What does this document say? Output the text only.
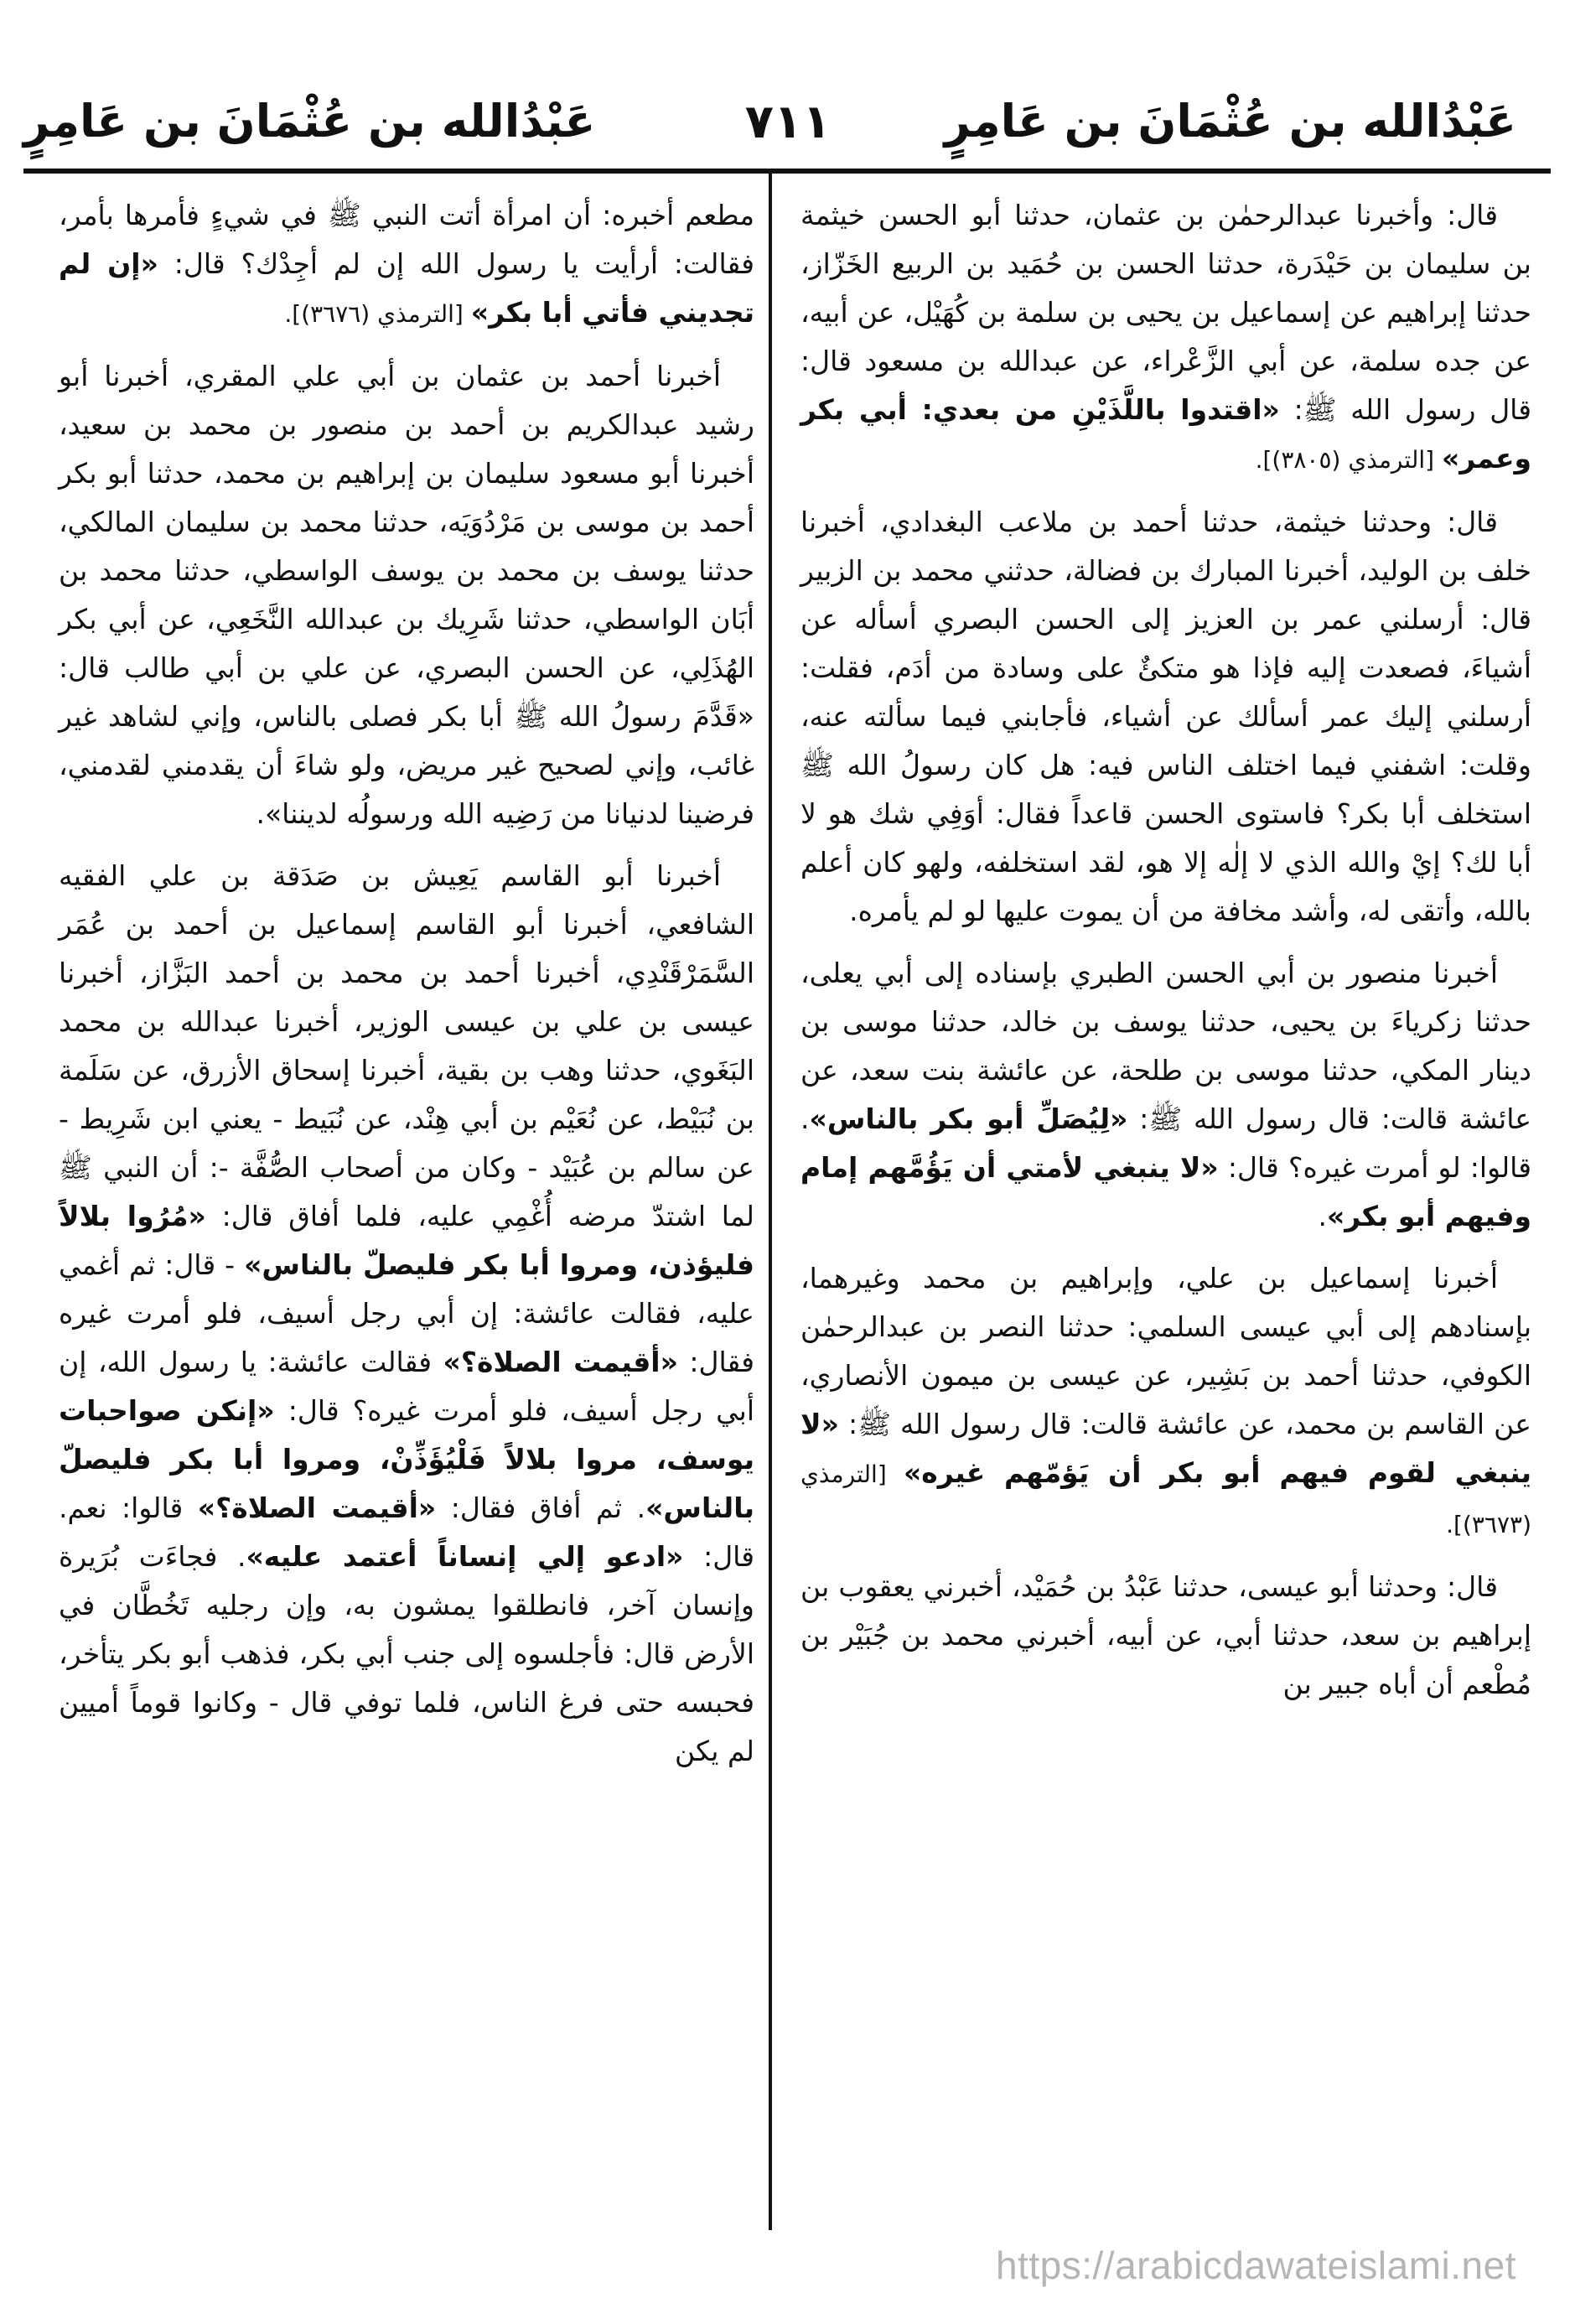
عَبْدُالله بن عُثْمَانَ بن عَامِرٍ
٧١١
عَبْدُالله بن عُثْمَانَ بن عَامِرٍ

قال: وأخبرنا عبدالرحمٰن بن عثمان، حدثنا أبو الحسن خيثمة بن سليمان بن حَيْدَرة، حدثنا الحسن بن حُمَيد بن الربيع الخَزّاز، حدثنا إبراهيم عن إسماعيل بن يحيى بن سلمة بن كُهَيْل، عن أبيه، عن جده سلمة، عن أبي الزَّعْراء، عن عبدالله بن مسعود قال: قال رسول الله ﷺ: «اقتدوا باللَّذَيْنِ من بعدي: أبي بكر وعمر» [الترمذي (٣٨٠٥)].

قال: وحدثنا خيثمة، حدثنا أحمد بن ملاعب البغدادي، أخبرنا خلف بن الوليد، أخبرنا المبارك بن فضالة، حدثني محمد بن الزبير قال: أرسلني عمر بن العزيز إلى الحسن البصري أسأله عن أشياءَ، فصعدت إليه فإذا هو متكئٌ على وسادة من أدَم، فقلت: أرسلني إليك عمر أسألك عن أشياء، فأجابني فيما سألته عنه، وقلت: اشفني فيما اختلف الناس فيه: هل كان رسولُ الله ﷺ استخلف أبا بكر؟ فاستوى الحسن قاعداً فقال: أوَفِي شك هو لا أبا لك؟ إيْ والله الذي لا إلٰه إلا هو، لقد استخلفه، ولهو كان أعلم بالله، وأتقى له، وأشد مخافة من أن يموت عليها لو لم يأمره.

أخبرنا منصور بن أبي الحسن الطبري بإسناده إلى أبي يعلى، حدثنا زكرياءَ بن يحيى، حدثنا يوسف بن خالد، حدثنا موسى بن دينار المكي، حدثنا موسى بن طلحة، عن عائشة بنت سعد، عن عائشة قالت: قال رسول الله ﷺ: «لِيُصَلِّ أبو بكر بالناس». قالوا: لو أمرت غيره؟ قال: «لا ينبغي لأمتي أن يَؤُمَّهم إمام وفيهم أبو بكر».

أخبرنا إسماعيل بن علي، وإبراهيم بن محمد وغيرهما، بإسنادهم إلى أبي عيسى السلمي: حدثنا النصر بن عبدالرحمٰن الكوفي، حدثنا أحمد بن بَشِير، عن عيسى بن ميمون الأنصاري، عن القاسم بن محمد، عن عائشة قالت: قال رسول الله ﷺ: «لا ينبغي لقوم فيهم أبو بكر أن يَؤمّهم غيره» [الترمذي (٣٦٧٣)].

قال: وحدثنا أبو عيسى، حدثنا عَبْدُ بن حُمَيْد، أخبرني يعقوب بن إبراهيم بن سعد، حدثنا أبي، عن أبيه، أخبرني محمد بن جُبَيْر بن مُطْعم أن أباه جبير بن

مطعم أخبره: أن امرأة أتت النبي ﷺ في شيءٍ فأمرها بأمر، فقالت: أرأيت يا رسول الله إن لم أجِدْك؟ قال: «إن لم تجديني فأتي أبا بكر» [الترمذي (٣٦٧٦)].

أخبرنا أحمد بن عثمان بن أبي علي المقري، أخبرنا أبو رشيد عبدالكريم بن أحمد بن منصور بن محمد بن سعيد، أخبرنا أبو مسعود سليمان بن إبراهيم بن محمد، حدثنا أبو بكر أحمد بن موسى بن مَرْدُوَيَه، حدثنا محمد بن سليمان المالكي، حدثنا يوسف بن محمد بن يوسف الواسطي، حدثنا محمد بن أبَان الواسطي، حدثنا شَرِيك بن عبدالله النَّخَعِي، عن أبي بكر الهُذَلِي، عن الحسن البصري، عن علي بن أبي طالب قال: «قَدَّمَ رسولُ الله ﷺ أبا بكر فصلى بالناس، وإني لشاهد غير غائب، وإني لصحيح غير مريض، ولو شاءَ أن يقدمني لقدمني، فرضينا لدنيانا من رَضِيه الله ورسولُه لديننا».

أخبرنا أبو القاسم يَعِيش بن صَدَقة بن علي الفقيه الشافعي، أخبرنا أبو القاسم إسماعيل بن أحمد بن عُمَر السَّمَرْقَنْدِي، أخبرنا أحمد بن محمد بن أحمد البَزَّاز، أخبرنا عيسى بن علي بن عيسى الوزير، أخبرنا عبدالله بن محمد البَغَوي، حدثنا وهب بن بقية، أخبرنا إسحاق الأزرق، عن سَلَمة بن نُبَيْط، عن نُعَيْم بن أبي هِنْد، عن نُبَيط - يعني ابن شَرِيط - عن سالم بن عُبَيْد - وكان من أصحاب الصُّفَّة -: أن النبي ﷺ لما اشتدّ مرضه أُغْمِي عليه، فلما أفاق قال: «مُرُوا بلالاً فليؤذن، ومروا أبا بكر فليصلّ بالناس» - قال: ثم أغمي عليه، فقالت عائشة: إن أبي رجل أسيف، فلو أمرت غيره فقال: «أقيمت الصلاة؟» فقالت عائشة: يا رسول الله، إن أبي رجل أسيف، فلو أمرت غيره؟ قال: «إنكن صواحبات يوسف، مروا بلالاً فَلْيُؤَذِّنْ، ومروا أبا بكر فليصلّ بالناس». ثم أفاق فقال: «أقيمت الصلاة؟» قالوا: نعم. قال: «ادعو إلي إنساناً أعتمد عليه». فجاءَت بُرَيرة وإنسان آخر، فانطلقوا يمشون به، وإن رجليه تَخُطَّان في الأرض قال: فأجلسوه إلى جنب أبي بكر، فذهب أبو بكر يتأخر، فحبسه حتى فرغ الناس، فلما توفي قال - وكانوا قوماً أميين لم يكن

https://arabicdawateislami.net
